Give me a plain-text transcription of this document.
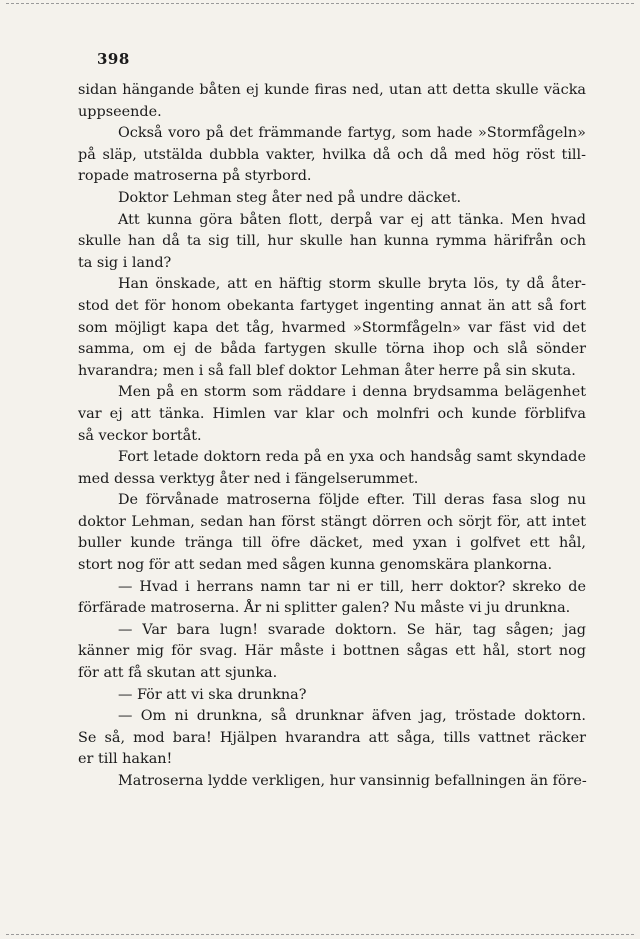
398
sidan hängande båten ej kunde firas ned, utan att detta skulle väcka
uppseende.
Också voro på det främmande fartyg, som hade »Stormfågeln»
på släp, utstälda dubbla vakter, hvilka då och då med hög röst till-
ropade matroserna på styrbord.
Doktor Lehman steg åter ned på undre däcket.
Att kunna göra båten flott, derpå var ej att tänka. Men hvad
skulle han då ta sig till, hur skulle han kunna rymma härifrån och
ta sig i land?
Han önskade, att en häftig storm skulle bryta lös, ty då åter-
stod det för honom obekanta fartyget ingenting annat än att så fort
som möjligt kapa det tåg, hvarmed »Stormfågeln» var fäst vid det
samma, om ej de båda fartygen skulle törna ihop och slå sönder
hvarandra; men i så fall blef doktor Lehman åter herre på sin skuta.
Men på en storm som räddare i denna brydsamma belägenhet
var ej att tänka. Himlen var klar och molnfri och kunde förblifva
så veckor bortåt.
Fort letade doktorn reda på en yxa och handsåg samt skyndade
med dessa verktyg åter ned i fängelserummet.
De förvånade matroserna följde efter. Till deras fasa slog nu
doktor Lehman, sedan han först stängt dörren och sörjt för, att intet
buller kunde tränga till öfre däcket, med yxan i golfvet ett hål,
stort nog för att sedan med sågen kunna genomskära plankorna.
— Hvad i herrans namn tar ni er till, herr doktor? skreko de
förfärade matroserna. År ni splitter galen? Nu måste vi ju drunkna.
— Var bara lugn! svarade doktorn. Se här, tag sågen; jag
känner mig för svag. Här måste i bottnen sågas ett hål, stort nog
för att få skutan att sjunka.
— För att vi ska drunkna?
— Om ni drunkna, så drunknar äfven jag, tröstade doktorn.
Se så, mod bara! Hjälpen hvarandra att såga, tills vattnet räcker
er till hakan!
Matroserna lydde verkligen, hur vansinnig befallningen än före-
